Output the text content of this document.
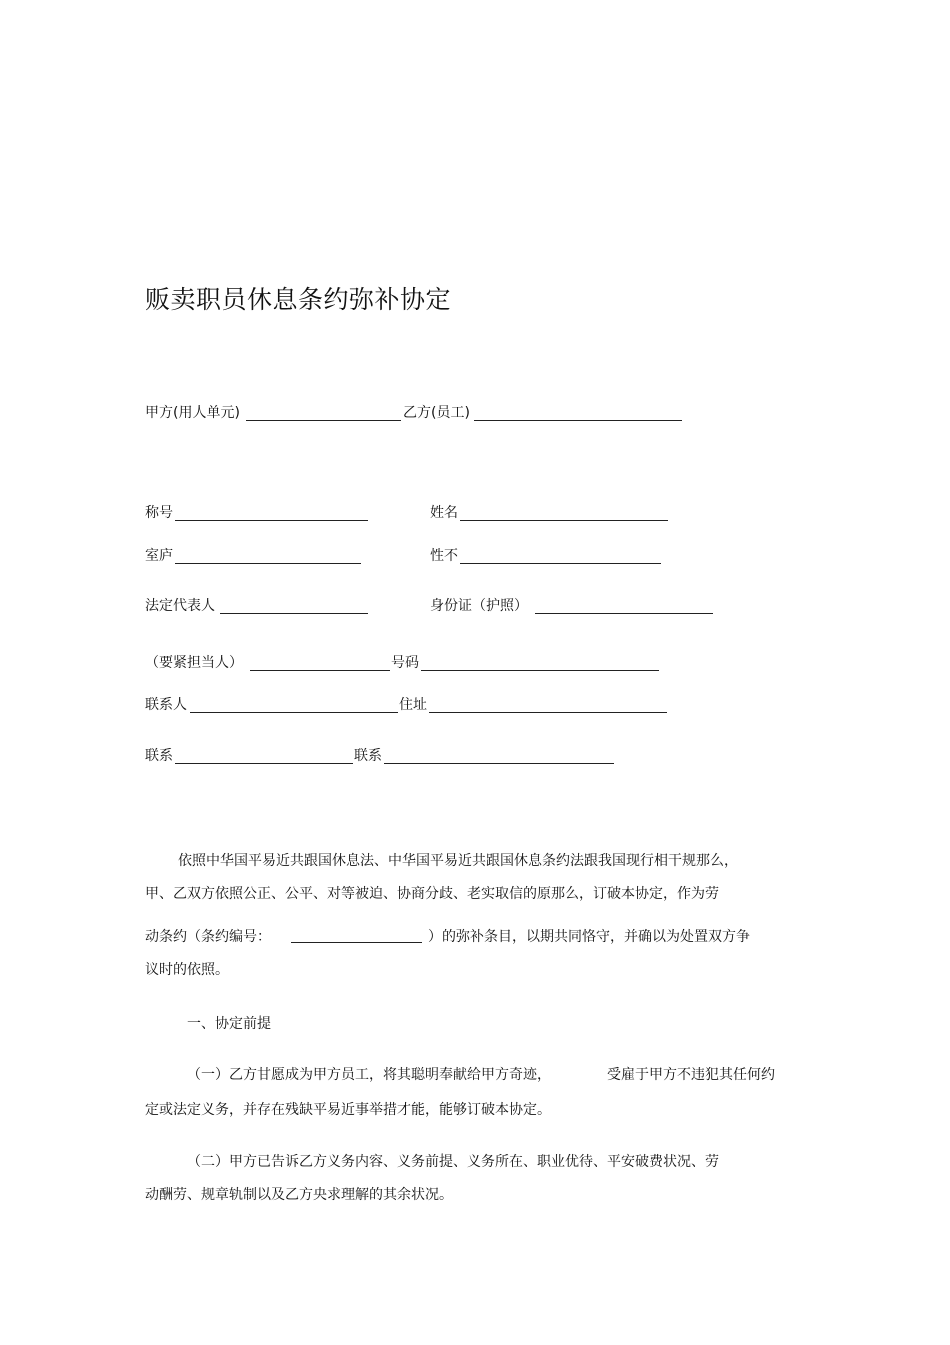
贩卖职员休息条约弥补协定
甲方(用人单元)	乙方(员工)
称号	姓名
室庐	性不
法定代表人	身份证（护照）
（要紧担当人）	号码
联系人	住址
联系	联系
依照中华国平易近共跟国休息法、中华国平易近共跟国休息条约法跟我国现行相干规那么，
甲、乙双方依照公正、公平、对等被迫、协商分歧、老实取信的原那么，订破本协定，作为劳
动条约（条约编号：	）的弥补条目，以期共同恪守，并确以为处置双方争
议时的依照。
一、协定前提
（一）乙方甘愿成为甲方员工，将其聪明奉献给甲方奇迹，	受雇于甲方不违犯其任何约
定或法定义务，并存在残缺平易近事举措才能，能够订破本协定。
（二）甲方已告诉乙方义务内容、义务前提、义务所在、职业优待、平安破费状况、劳
动酬劳、规章轨制以及乙方央求理解的其余状况。
